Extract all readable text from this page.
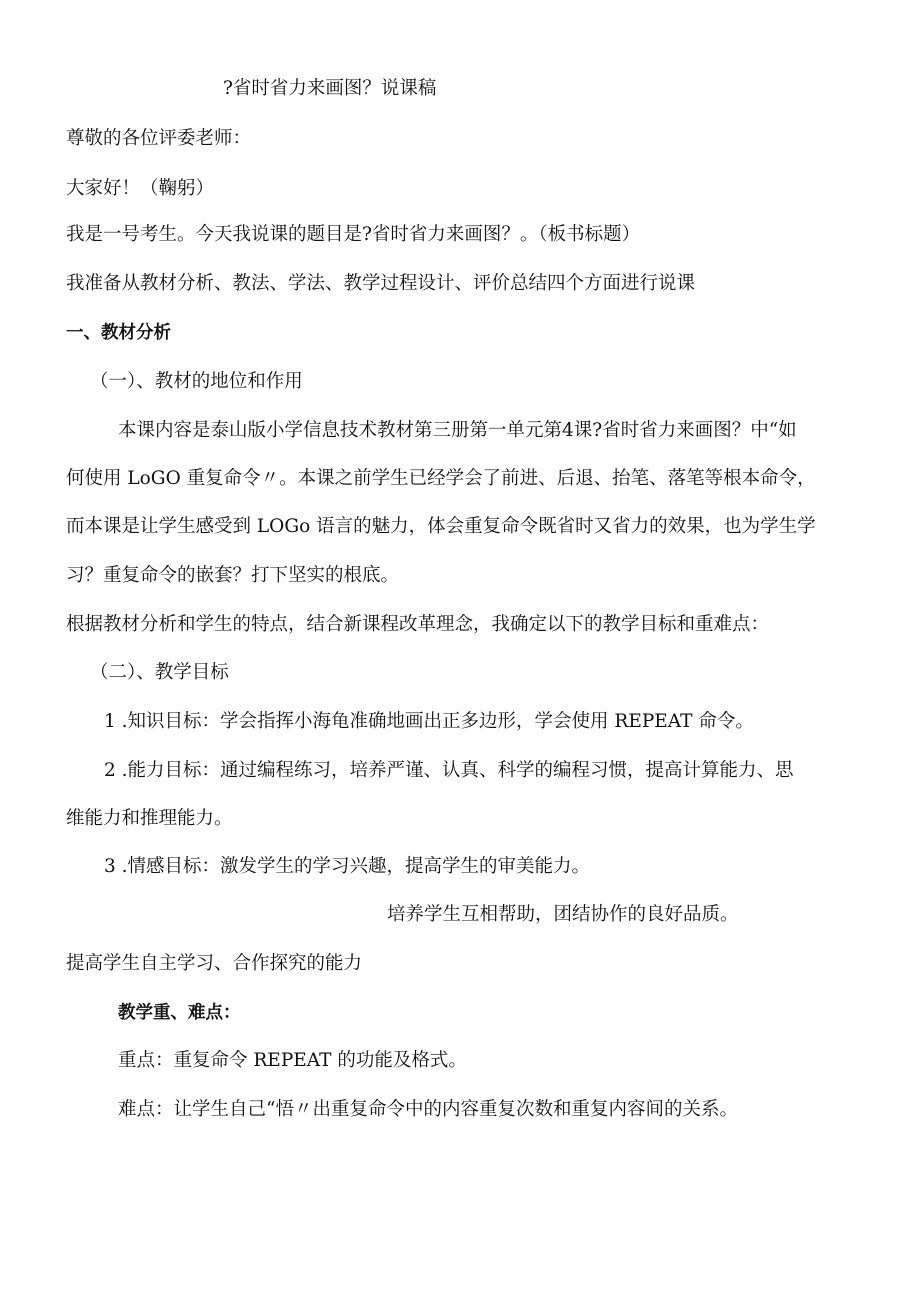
?省时省力来画图？说课稿
尊敬的各位评委老师：
大家好！（鞠躬）
我是一号考生。今天我说课的题目是?省时省力来画图？。（板书标题）
我准备从教材分析、教法、学法、教学过程设计、评价总结四个方面进行说课
一、教材分析
（一）、教材的地位和作用
本课内容是泰山版小学信息技术教材第三册第一单元第4课?省时省力来画图？中“如
何使用 LoGO 重复命令〃。本课之前学生已经学会了前进、后退、抬笔、落笔等根本命令，
而本课是让学生感受到 LOGo 语言的魅力，体会重复命令既省时又省力的效果，也为学生学
习？重复命令的嵌套？打下坚实的根底。
根据教材分析和学生的特点，结合新课程改革理念，我确定以下的教学目标和重难点：
（二）、教学目标
1 .知识目标：学会指挥小海龟准确地画出正多边形，学会使用 REPEAT 命令。
2 .能力目标：通过编程练习，培养严谨、认真、科学的编程习惯，提高计算能力、思
维能力和推理能力。
3 .情感目标：激发学生的学习兴趣，提高学生的审美能力。
培养学生互相帮助，团结协作的良好品质。
提高学生自主学习、合作探究的能力
教学重、难点：
重点：重复命令 REPEAT 的功能及格式。
难点：让学生自己“悟〃出重复命令中的内容重复次数和重复内容间的关系。
